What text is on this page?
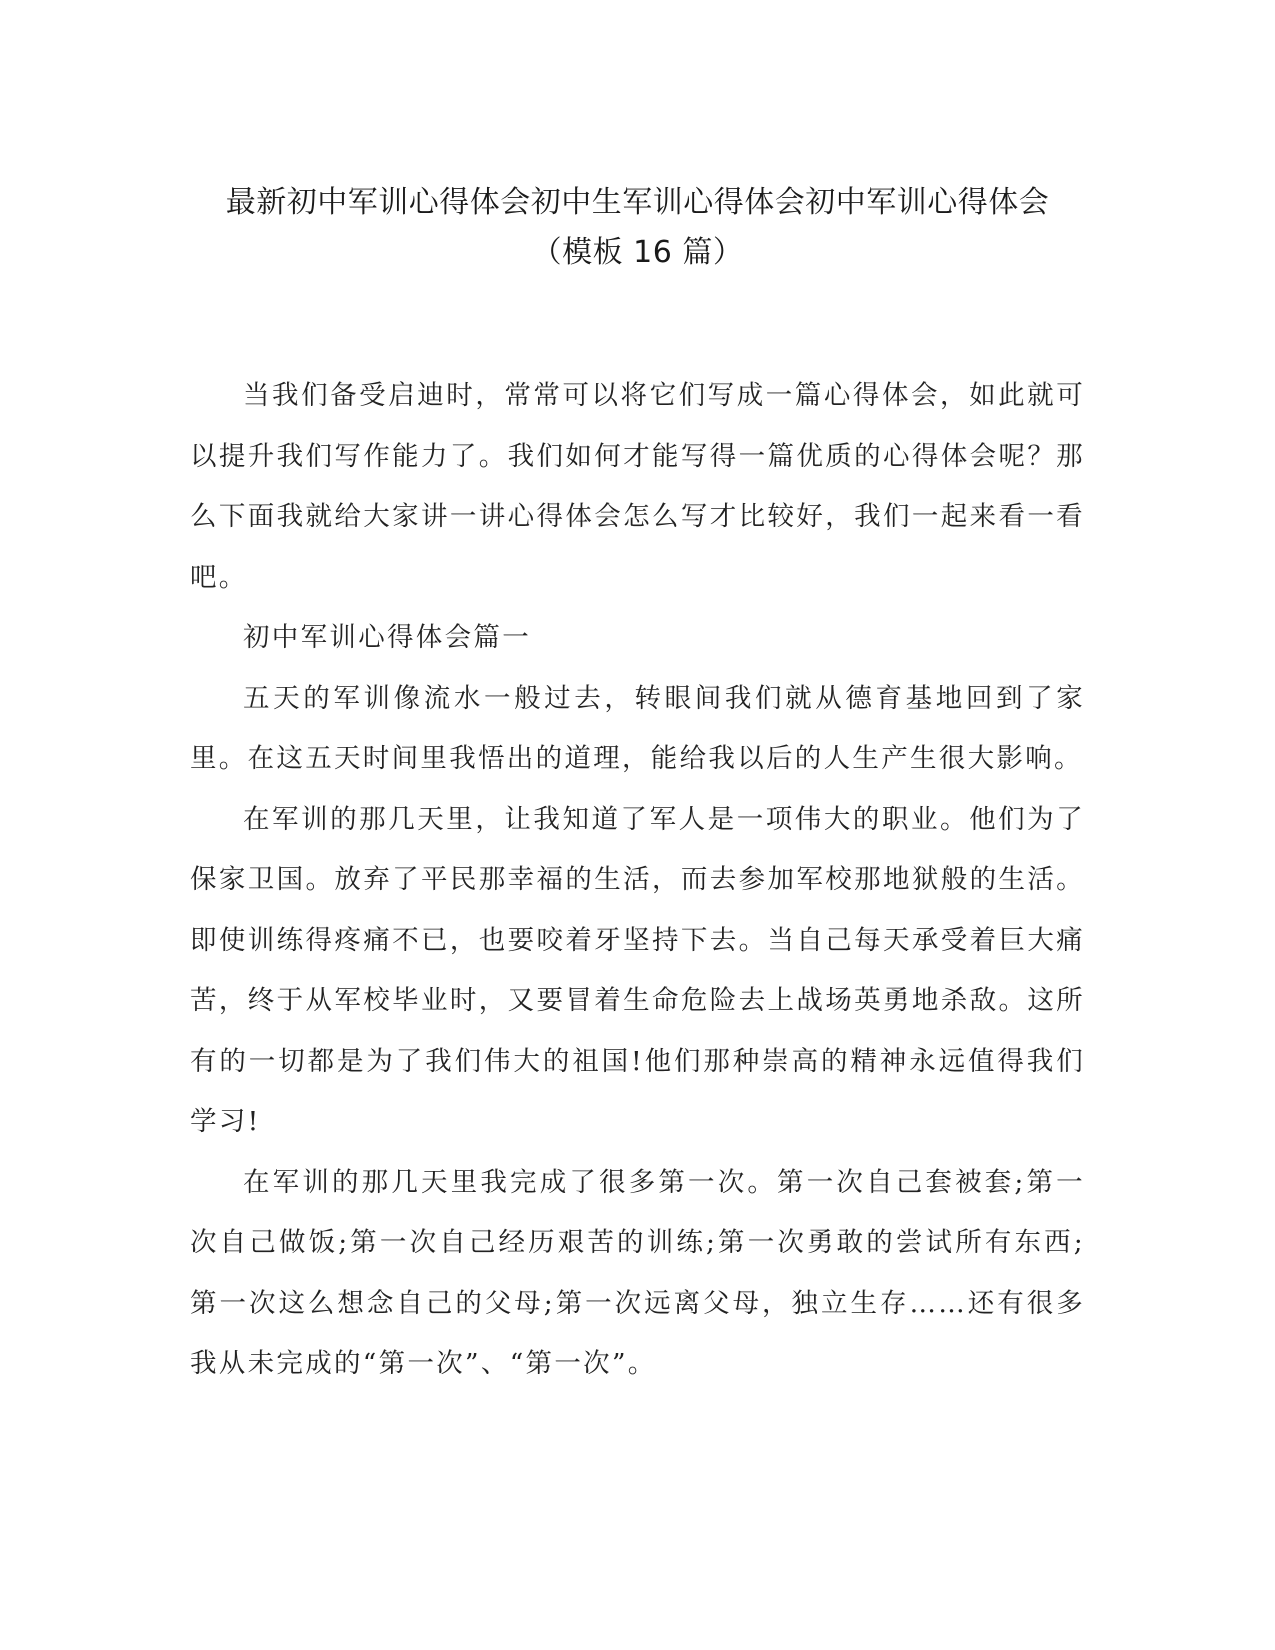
最新初中军训心得体会初中生军训心得体会初中军训心得体会
（模板 16 篇）

当我们备受启迪时，常常可以将它们写成一篇心得体会，如此就可以提升我们写作能力了。我们如何才能写得一篇优质的心得体会呢？那么下面我就给大家讲一讲心得体会怎么写才比较好，我们一起来看一看吧。

初中军训心得体会篇一

五天的军训像流水一般过去，转眼间我们就从德育基地回到了家里。在这五天时间里我悟出的道理，能给我以后的人生产生很大影响。

在军训的那几天里，让我知道了军人是一项伟大的职业。他们为了保家卫国。放弃了平民那幸福的生活，而去参加军校那地狱般的生活。即使训练得疼痛不已，也要咬着牙坚持下去。当自己每天承受着巨大痛苦，终于从军校毕业时，又要冒着生命危险去上战场英勇地杀敌。这所有的一切都是为了我们伟大的祖国!他们那种崇高的精神永远值得我们学习!

在军训的那几天里我完成了很多第一次。第一次自己套被套;第一次自己做饭;第一次自己经历艰苦的训练;第一次勇敢的尝试所有东西;第一次这么想念自己的父母;第一次远离父母，独立生存……还有很多我从未完成的“第一次”、“第一次”。
